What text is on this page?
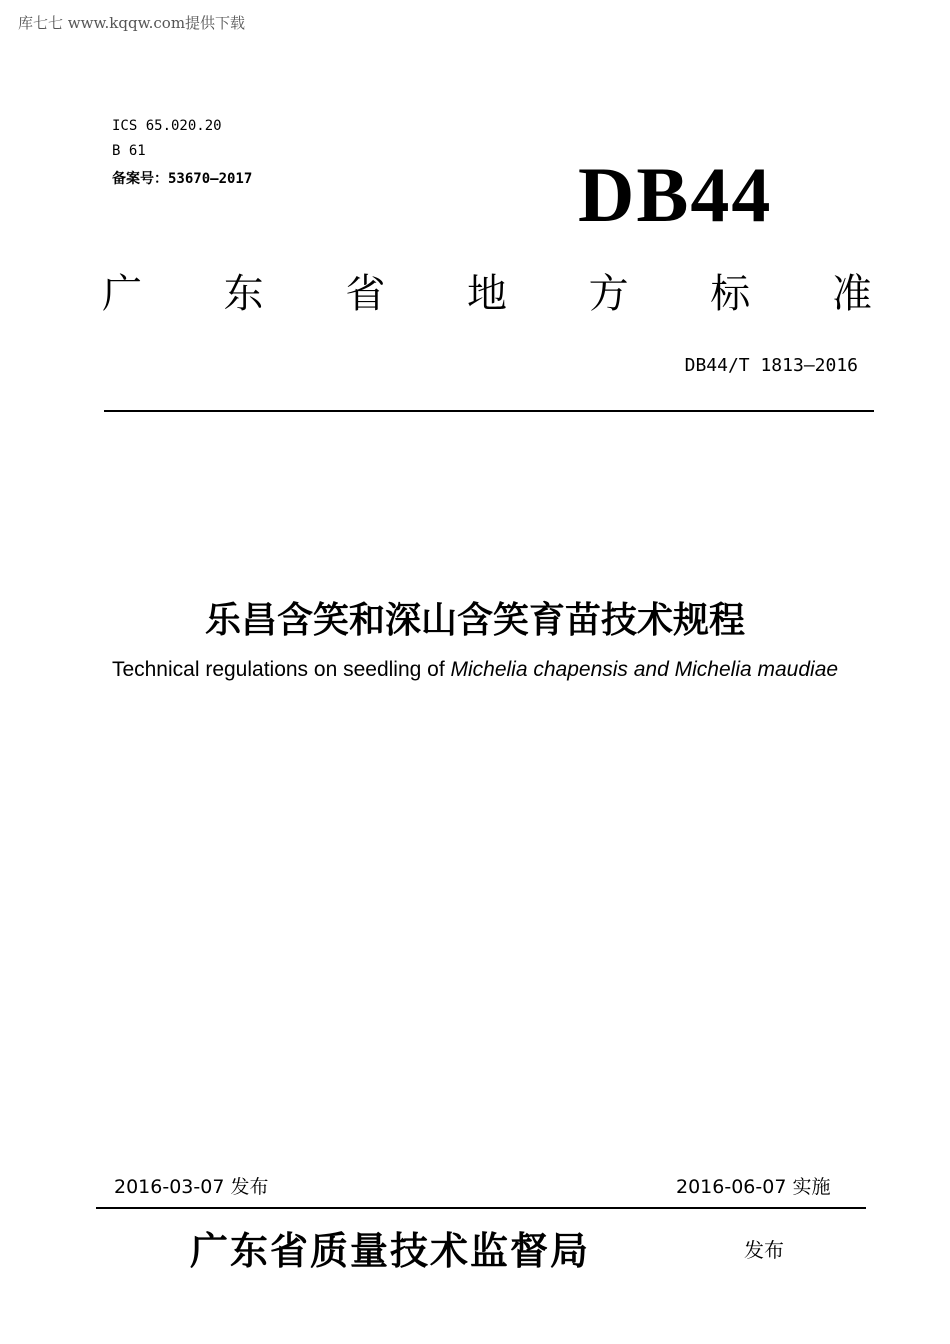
库七七 www.kqqw.com提供下载
ICS 65.020.20
B 61
备案号：53670—2017	DB44
广 东 省 地 方 标 准
DB44/T 1813—2016
乐昌含笑和深山含笑育苗技术规程
Technical regulations on seedling of Michelia chapensis and Michelia maudiae
2016-03-07 发布	2016-06-07 实施
广东省质量技术监督局	发布
